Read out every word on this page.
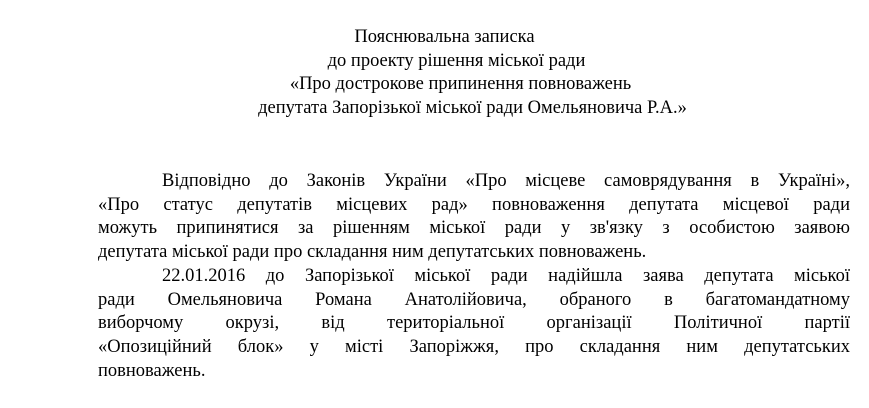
Пояснювальна записка
до проекту рішення міської ради
«Про дострокове припинення повноважень
депутата Запорізької міської ради Омельяновича Р.А.»
Відповідно до Законів України «Про місцеве самоврядування в Україні»,
«Про статус депутатів місцевих рад» повноваження депутата місцевої ради
можуть припинятися за рішенням міської ради у зв'язку з особистою заявою
депутата міської ради про складання ним депутатських повноважень.
22.01.2016 до Запорізької міської ради надійшла заява депутата міської
ради Омельяновича Романа Анатолійовича, обраного в багатомандатному
виборчому окрузі, від територіальної організації Політичної партії
«Опозиційний блок» у місті Запоріжжя, про складання ним депутатських
повноважень.
